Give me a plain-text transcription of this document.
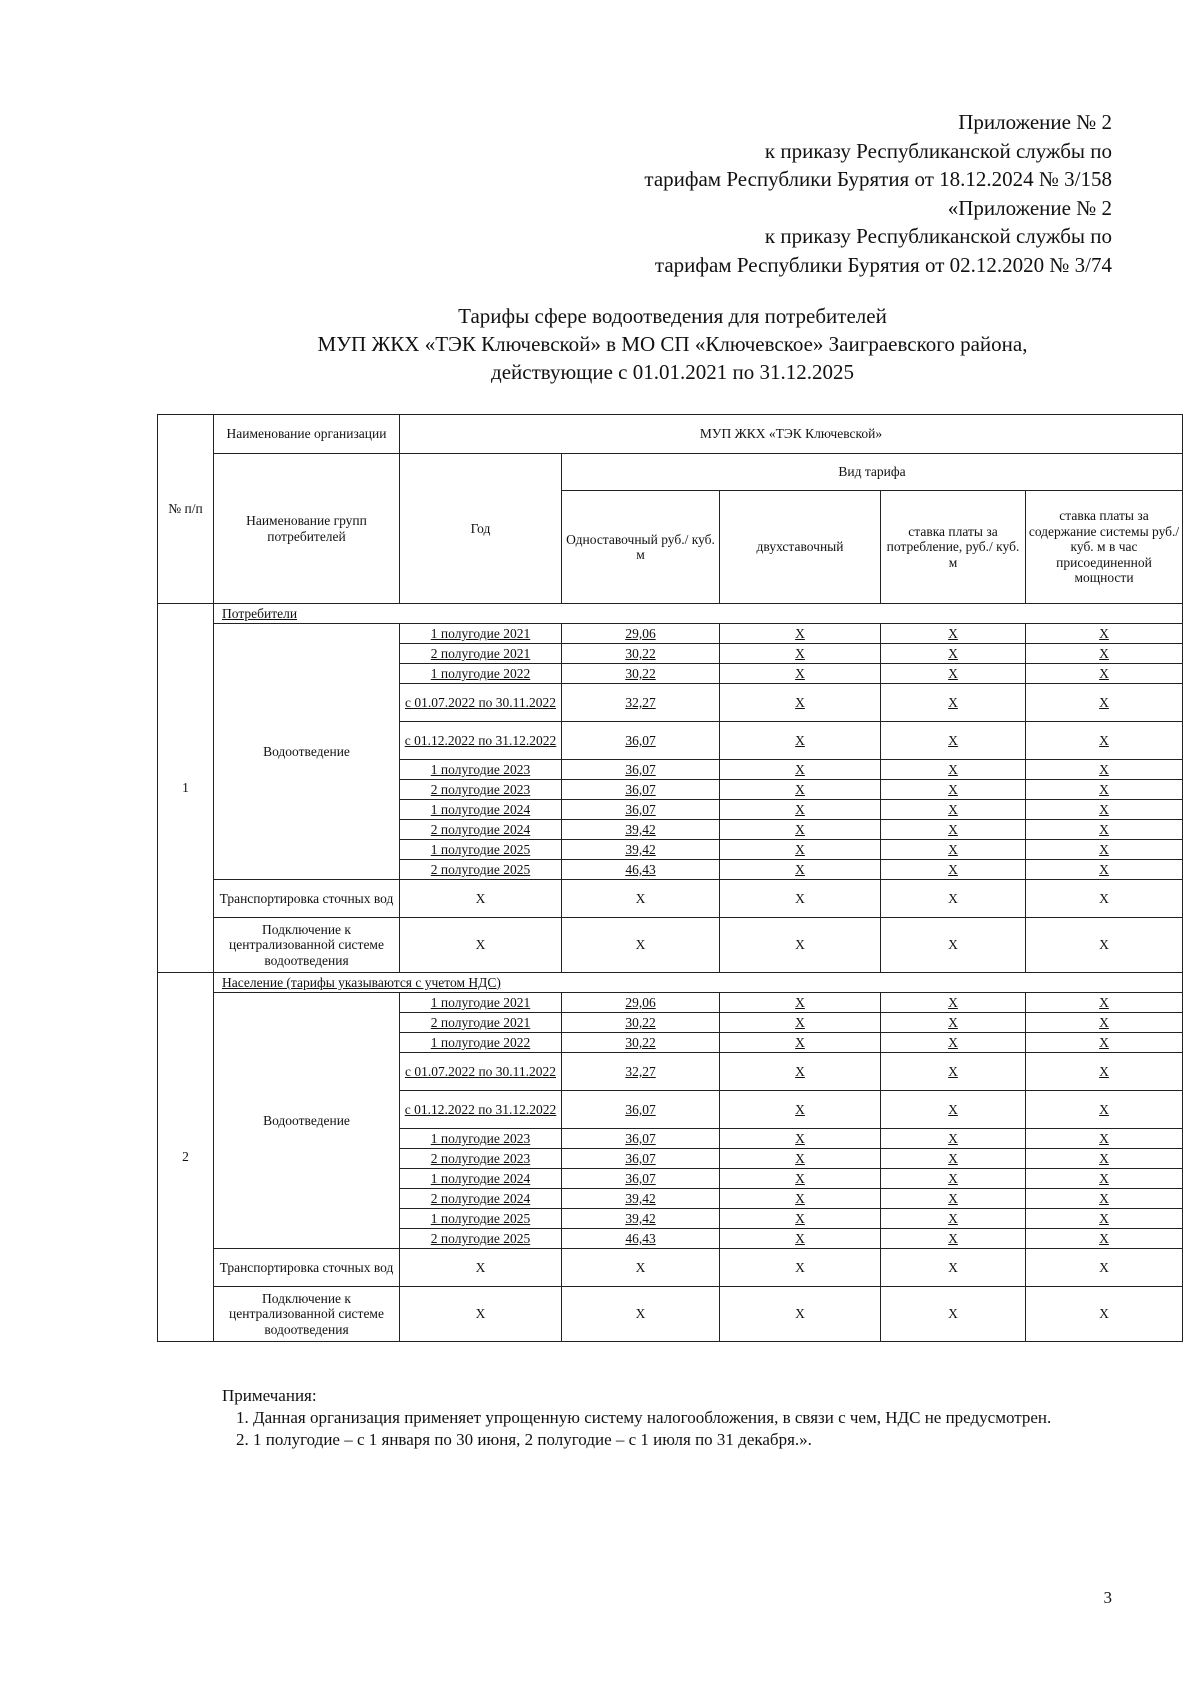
Приложение № 2
к приказу Республиканской службы по
тарифам Республики Бурятия от 18.12.2024 № 3/158
«Приложение № 2
к приказу Республиканской службы по
тарифам Республики Бурятия от 02.12.2020 № 3/74
Тарифы сфере водоотведения для потребителей
МУП ЖКХ «ТЭК Ключевской» в МО СП «Ключевское» Заиграевского района,
действующие с 01.01.2021 по 31.12.2025
№ п/п	Наименование организации	МУП ЖКХ «ТЭК Ключевской»				
	Наименование групп потребителей	Год	Вид тарифа			
			Одноставочный руб./ куб. м	двухставочный	ставка платы за потребление, руб./ куб. м	ставка платы за содержание системы руб./куб. м в час присоединенной мощности
1	Потребители					
	Водоотведение	1 полугодие 2021	29,06	X	X	X
		2 полугодие 2021	30,22	X	X	X
		1 полугодие 2022	30,22	X	X	X
		с 01.07.2022 по 30.11.2022	32,27	X	X	X
		с 01.12.2022 по 31.12.2022	36,07	X	X	X
		1 полугодие 2023	36,07	X	X	X
		2 полугодие 2023	36,07	X	X	X
		1 полугодие 2024	36,07	X	X	X
		2 полугодие 2024	39,42	X	X	X
		1 полугодие 2025	39,42	X	X	X
		2 полугодие 2025	46,43	X	X	X
	Транспортировка сточных вод	X	X	X	X	X
	Подключение к централизованной системе водоотведения	X	X	X	X	X
2	Население (тарифы указываются с учетом НДС)					
	Водоотведение	1 полугодие 2021	29,06	X	X	X
		2 полугодие 2021	30,22	X	X	X
		1 полугодие 2022	30,22	X	X	X
		с 01.07.2022 по 30.11.2022	32,27	X	X	X
		с 01.12.2022 по 31.12.2022	36,07	X	X	X
		1 полугодие 2023	36,07	X	X	X
		2 полугодие 2023	36,07	X	X	X
		1 полугодие 2024	36,07	X	X	X
		2 полугодие 2024	39,42	X	X	X
		1 полугодие 2025	39,42	X	X	X
		2 полугодие 2025	46,43	X	X	X
	Транспортировка сточных вод	X	X	X	X	X
	Подключение к централизованной системе водоотведения	X	X	X	X	X
Примечания:
1. Данная организация применяет упрощенную систему налогообложения, в связи с чем, НДС не предусмотрен.
2. 1 полугодие – с 1 января по 30 июня, 2 полугодие – с 1 июля по 31 декабря.».
3
